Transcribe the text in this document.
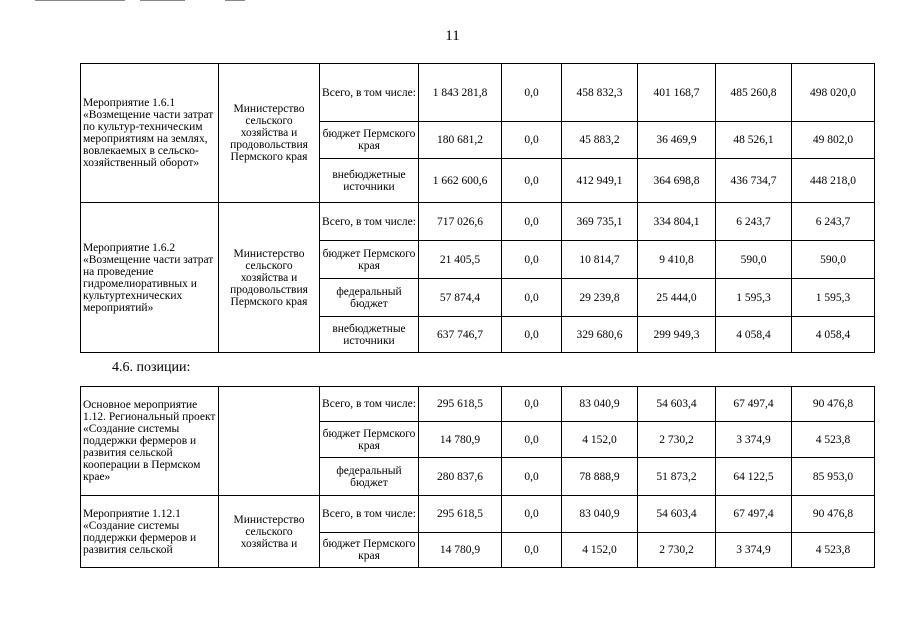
11
Мероприятие 1.6.1 «Возмещение части затрат по культур-техническим мероприятиям на землях, вовлекаемых в сельско-хозяйственный оборот»	Министерство сельского хозяйства и продовольствия Пермского края	Всего, в том числе:	1 843 281,8	0,0	458 832,3	401 168,7	485 260,8	498 020,0
		бюджет Пермского края	180 681,2	0,0	45 883,2	36 469,9	48 526,1	49 802,0
		внебюджетные источники	1 662 600,6	0,0	412 949,1	364 698,8	436 734,7	448 218,0
Мероприятие 1.6.2 «Возмещение части затрат на проведение гидромелиоративных и культуртехнических мероприятий»	Министерство сельского хозяйства и продовольствия Пермского края	Всего, в том числе:	717 026,6	0,0	369 735,1	334 804,1	6 243,7	6 243,7
		бюджет Пермского края	21 405,5	0,0	10 814,7	9 410,8	590,0	590,0
		федеральный бюджет	57 874,4	0,0	29 239,8	25 444,0	1 595,3	1 595,3
		внебюджетные источники	637 746,7	0,0	329 680,6	299 949,3	4 058,4	4 058,4
4.6. позиции:
Основное мероприятие 1.12. Региональный проект «Создание системы поддержки фермеров и развития сельской кооперации в Пермском крае»		Всего, в том числе:	295 618,5	0,0	83 040,9	54 603,4	67 497,4	90 476,8
		бюджет Пермского края	14 780,9	0,0	4 152,0	2 730,2	3 374,9	4 523,8
		федеральный бюджет	280 837,6	0,0	78 888,9	51 873,2	64 122,5	85 953,0
Мероприятие 1.12.1 «Создание системы поддержки фермеров и развития сельской	Министерство сельского хозяйства и	Всего, в том числе:	295 618,5	0,0	83 040,9	54 603,4	67 497,4	90 476,8
		бюджет Пермского края	14 780,9	0,0	4 152,0	2 730,2	3 374,9	4 523,8
